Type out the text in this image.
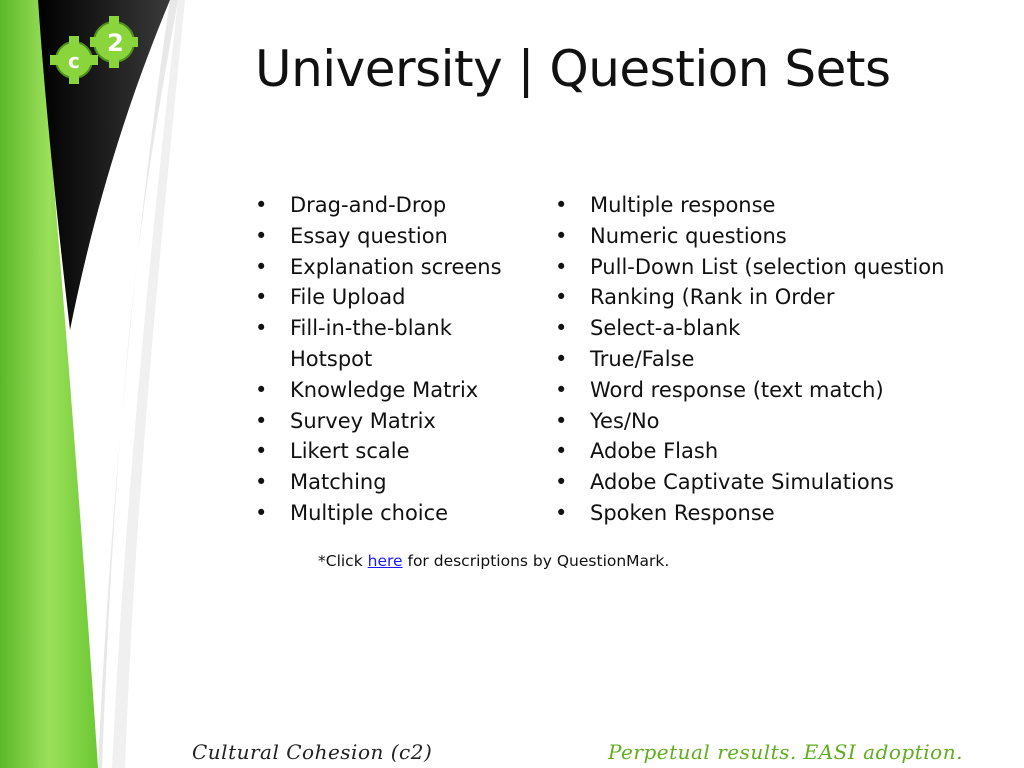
c
2	University | Question Sets
•	Drag-and-Drop
•	Essay question
•	Explanation screens
•	File Upload
•	Fill-in-the-blank
Hotspot
•	Knowledge Matrix
•	Survey Matrix
•	Likert scale
•	Matching
•	Multiple choice
•	Multiple response
•	Numeric questions
•	Pull-Down List (selection question
•	Ranking (Rank in Order
•	Select-a-blank
•	True/False
•	Word response (text match)
•	Yes/No
•	Adobe Flash
•	Adobe Captivate Simulations
•	Spoken Response
*Click here for descriptions by QuestionMark.
Cultural Cohesion (c2)	Perpetual results. EASI adoption.
